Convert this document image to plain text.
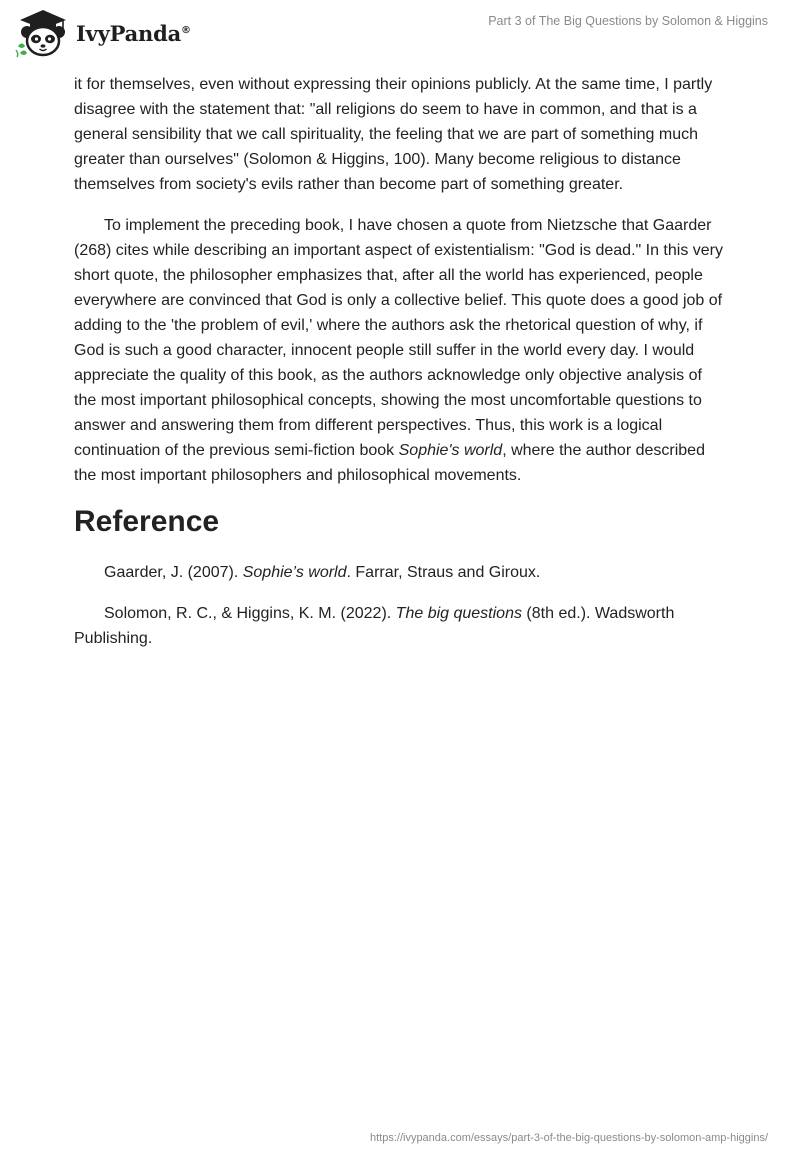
IvyPanda®
Part 3 of The Big Questions by Solomon & Higgins

it for themselves, even without expressing their opinions publicly. At the same time, I partly disagree with the statement that: "all religions do seem to have in common, and that is a general sensibility that we call spirituality, the feeling that we are part of something much greater than ourselves" (Solomon & Higgins, 100). Many become religious to distance themselves from society's evils rather than become part of something greater.

To implement the preceding book, I have chosen a quote from Nietzsche that Gaarder (268) cites while describing an important aspect of existentialism: "God is dead." In this very short quote, the philosopher emphasizes that, after all the world has experienced, people everywhere are convinced that God is only a collective belief. This quote does a good job of adding to the 'the problem of evil,' where the authors ask the rhetorical question of why, if God is such a good character, innocent people still suffer in the world every day. I would appreciate the quality of this book, as the authors acknowledge only objective analysis of the most important philosophical concepts, showing the most uncomfortable questions to answer and answering them from different perspectives. Thus, this work is a logical continuation of the previous semi-fiction book Sophie's world, where the author described the most important philosophers and philosophical movements.

Reference

Gaarder, J. (2007). Sophie’s world. Farrar, Straus and Giroux.

Solomon, R. C., & Higgins, K. M. (2022). The big questions (8th ed.). Wadsworth Publishing.

https://ivypanda.com/essays/part-3-of-the-big-questions-by-solomon-amp-higgins/
